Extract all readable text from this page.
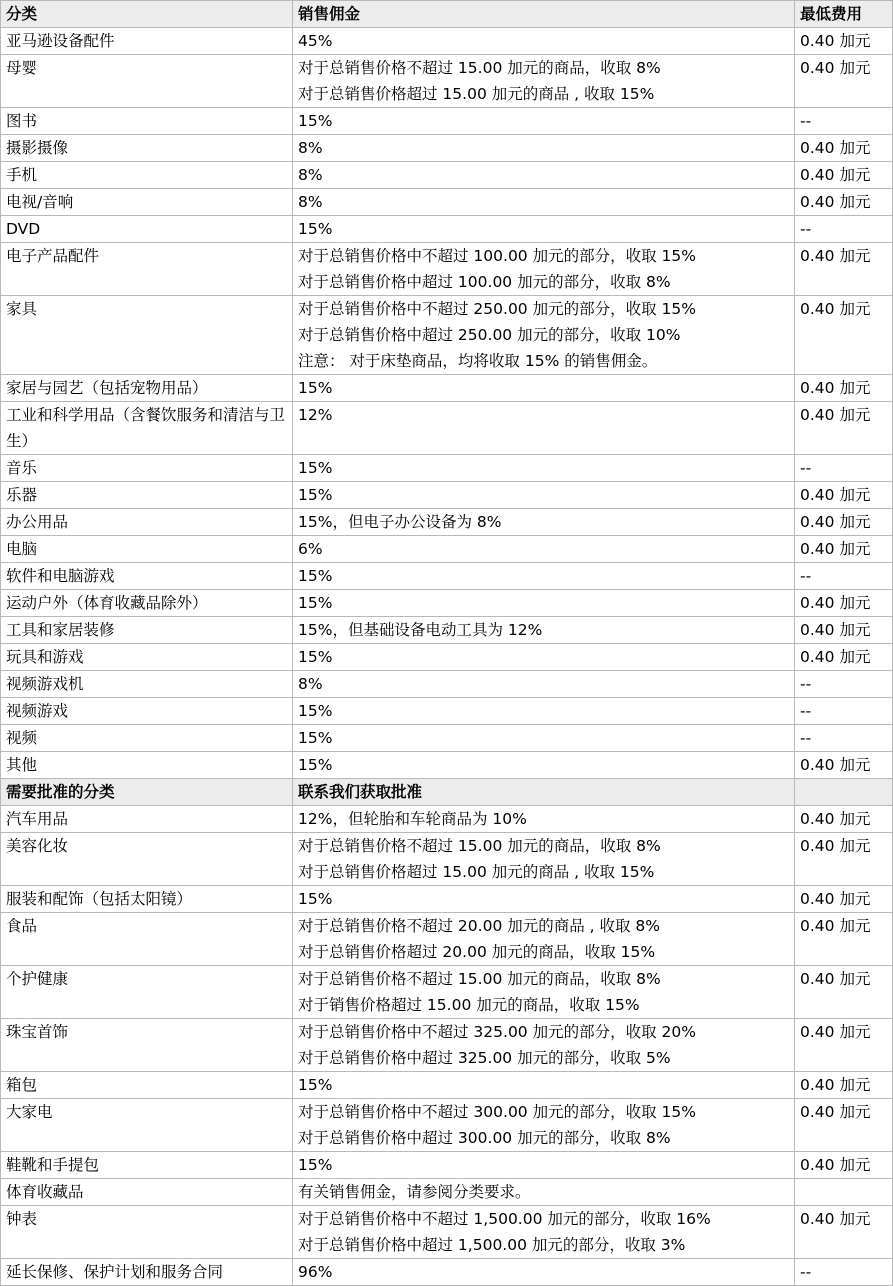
分类	销售佣金	最低费用
亚马逊设备配件	45%	0.40 加元
母婴	对于总销售价格不超过 15.00 加元的商品，收取 8%
对于总销售价格超过 15.00 加元的商品 , 收取 15%	0.40 加元
图书	15%	--
摄影摄像	8%	0.40 加元
手机	8%	0.40 加元
电视/音响	8%	0.40 加元
DVD	15%	--
电子产品配件	对于总销售价格中不超过 100.00 加元的部分，收取 15%
对于总销售价格中超过 100.00 加元的部分，收取 8%	0.40 加元
家具	对于总销售价格中不超过 250.00 加元的部分，收取 15%
对于总销售价格中超过 250.00 加元的部分，收取 10%
注意： 对于床垫商品，均将收取 15% 的销售佣金。	0.40 加元
家居与园艺（包括宠物用品）	15%	0.40 加元
工业和科学用品（含餐饮服务和清洁与卫生）	12%	0.40 加元
音乐	15%	--
乐器	15%	0.40 加元
办公用品	15%，但电子办公设备为 8%	0.40 加元
电脑	6%	0.40 加元
软件和电脑游戏	15%	--
运动户外（体育收藏品除外）	15%	0.40 加元
工具和家居装修	15%，但基础设备电动工具为 12%	0.40 加元
玩具和游戏	15%	0.40 加元
视频游戏机	8%	--
视频游戏	15%	--
视频	15%	--
其他	15%	0.40 加元
需要批准的分类	联系我们获取批准	
汽车用品	12%，但轮胎和车轮商品为 10%	0.40 加元
美容化妆	对于总销售价格不超过 15.00 加元的商品，收取 8%
对于总销售价格超过 15.00 加元的商品 , 收取 15%	0.40 加元
服装和配饰（包括太阳镜）	15%	0.40 加元
食品	对于总销售价格不超过 20.00 加元的商品 , 收取 8%
对于总销售价格超过 20.00 加元的商品，收取 15%	0.40 加元
个护健康	对于总销售价格不超过 15.00 加元的商品，收取 8%
对于销售价格超过 15.00 加元的商品，收取 15%	0.40 加元
珠宝首饰	对于总销售价格中不超过 325.00 加元的部分，收取 20%
对于总销售价格中超过 325.00 加元的部分，收取 5%	0.40 加元
箱包	15%	0.40 加元
大家电	对于总销售价格中不超过 300.00 加元的部分，收取 15%
对于总销售价格中超过 300.00 加元的部分，收取 8%	0.40 加元
鞋靴和手提包	15%	0.40 加元
体育收藏品	有关销售佣金，请参阅分类要求。	

钟表	对于总销售价格中不超过 1,500.00 加元的部分，收取 16%
对于总销售价格中超过 1,500.00 加元的部分，收取 3%	0.40 加元
延长保修、保护计划和服务合同	96%	--
